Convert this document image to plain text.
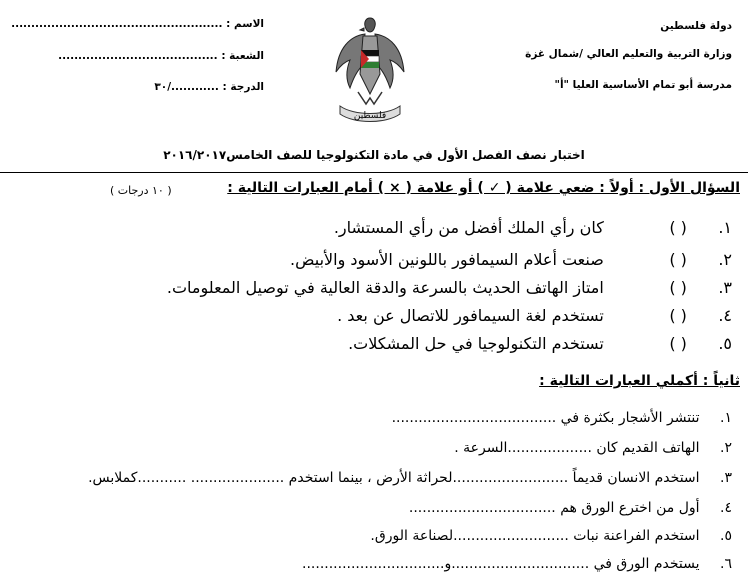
دولة فلسطين
وزارة التربية والتعليم العالي /شمال غزة
مدرسة أبو تمام الأساسية العليا "أ"
الاسم : .....................................................
الشعبة : ........................................
الدرجة : ............/٣٠
فلسطين
اختبار نصف الفصل الأول في مادة التكنولوجيا للصف الخامس٢٠١٦/٢٠١٧
السؤال الأول : أولاً : ضعي علامة ( ✓ ) أو علامة ( × ) أمام العبارات التالية :
( ١٠ درجات )
١. ( ) كان رأي الملك أفضل من رأي المستشار.
٢. ( ) صنعت أعلام السيمافور باللونين الأسود والأبيض.
٣. ( ) امتاز الهاتف الحديث بالسرعة والدقة العالية في توصيل المعلومات.
٤. ( ) تستخدم لغة السيمافور للاتصال عن بعد .
٥. ( ) تستخدم التكنولوجيا في حل المشكلات.
ثانياً : أكملي العبارات التالية :
١. تنتشر الأشجار بكثرة في .....................................
٢. الهاتف القديم كان ...................السرعة .
٣. استخدم الانسان قديماً ..........................لحراثة الأرض ، بينما استخدم ..................... ...........كملابس.
٤. أول من اخترع الورق هم .................................
٥. استخدم الفراعنة نبات ..........................لصناعة الورق.
٦. يستخدم الورق في ...............................و................................
